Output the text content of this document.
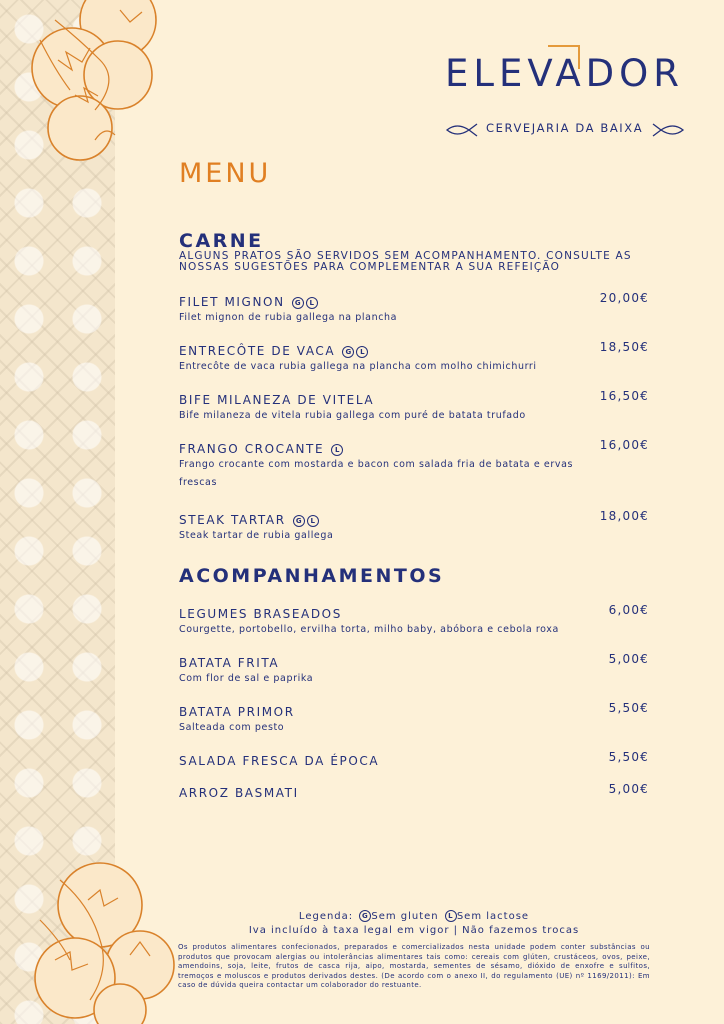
ELEVADOR
CERVEJARIA DA BAIXA
MENU
CARNE

ALGUNS PRATOS SÃO SERVIDOS SEM ACOMPANHAMENTO. CONSULTE AS NOSSAS SUGESTÕES PARA COMPLEMENTAR A SUA REFEIÇÃO

FILET MIGNON G L	20,00€
Filet mignon de rubia gallega na plancha
ENTRECÔTE DE VACA G L	18,50€
Entrecôte de vaca rubia gallega na plancha com molho chimichurri
BIFE MILANEZA DE VITELA	16,50€
Bife milaneza de vitela rubia gallega com puré de batata trufado
FRANGO CROCANTE L	16,00€
Frango crocante com mostarda e bacon com salada fria de batata e ervas frescas
STEAK TARTAR G L	18,00€
Steak tartar de rubia gallega
ACOMPANHAMENTOS
LEGUMES BRASEADOS	6,00€
Courgette, portobello, ervilha torta, milho baby, abóbora e cebola roxa
BATATA FRITA	5,00€
Com flor de sal e paprika
BATATA PRIMOR	5,50€
Salteada com pesto
SALADA FRESCA DA ÉPOCA	5,50€
ARROZ BASMATI	5,00€
Legenda: G Sem gluten L Sem lactose
Iva incluído à taxa legal em vigor | Não fazemos trocas
Os produtos alimentares confecionados, preparados e comercializados nesta unidade podem conter substâncias ou produtos que provocam alergias ou intolerâncias alimentares tais como: cereais com glúten, crustáceos, ovos, peixe, amendoins, soja, leite, frutos de casca rija, aipo, mostarda, sementes de sésamo, dióxido de enxofre e sulfitos, tremoços e moluscos e produtos derivados destes. (De acordo com o anexo II, do regulamento (UE) nº 1169/2011): Em caso de dúvida queira contactar um colaborador do restuante.
